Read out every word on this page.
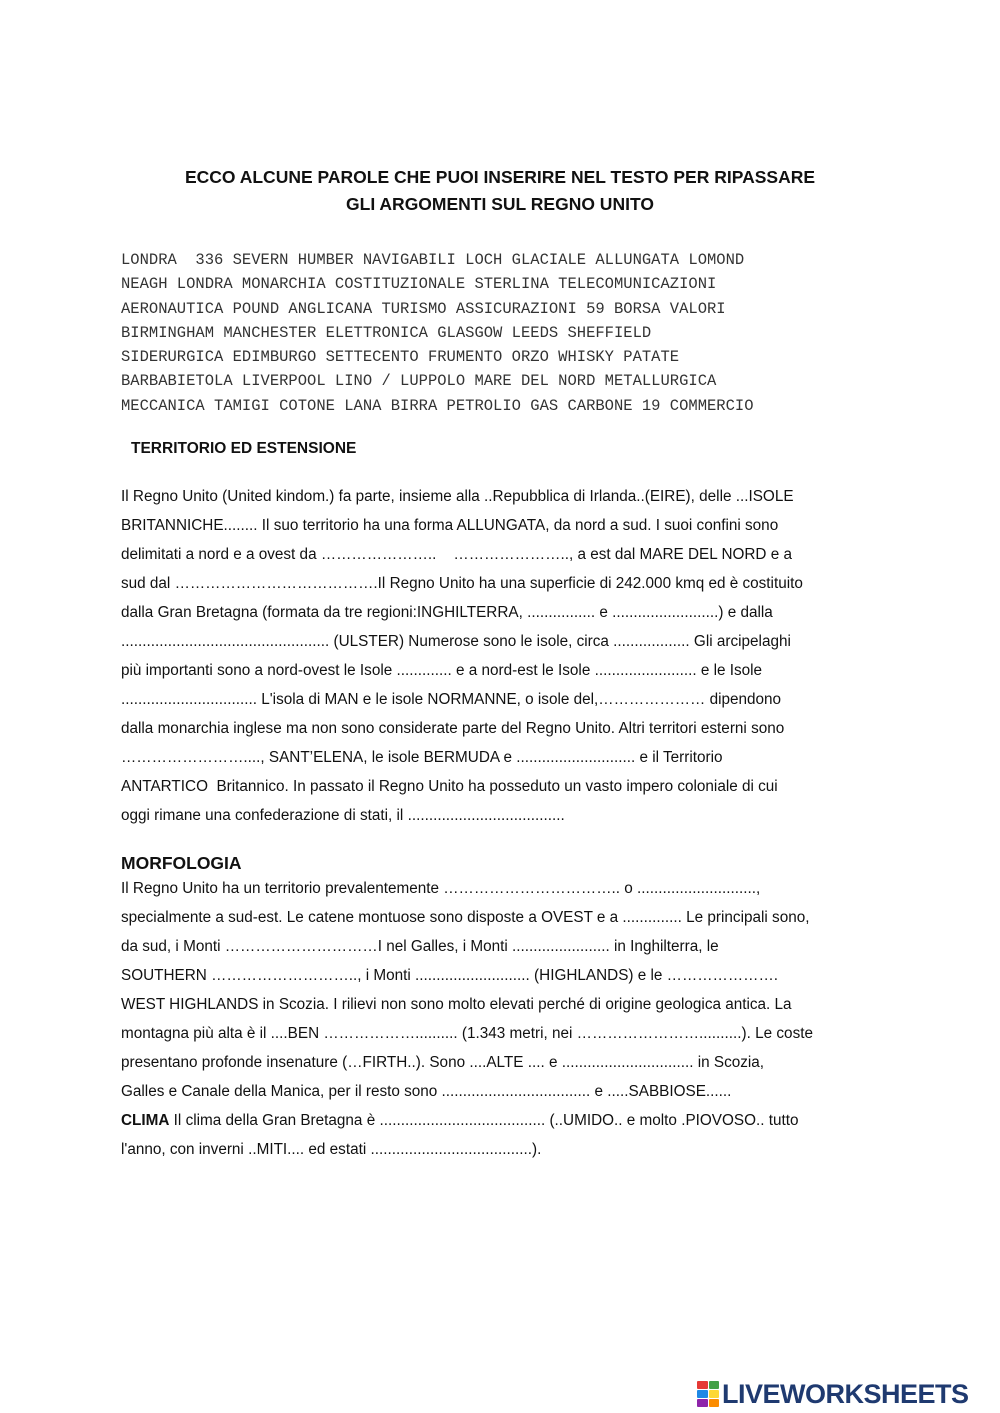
ECCO ALCUNE PAROLE CHE PUOI INSERIRE NEL TESTO PER RIPASSARE
GLI ARGOMENTI SUL REGNO UNITO
LONDRA  336 SEVERN HUMBER NAVIGABILI LOCH GLACIALE ALLUNGATA LOMOND
NEAGH LONDRA MONARCHIA COSTITUZIONALE STERLINA TELECOMUNICAZIONI
AERONAUTICA POUND ANGLICANA TURISMO ASSICURAZIONI 59 BORSA VALORI
BIRMINGHAM MANCHESTER ELETTRONICA GLASGOW LEEDS SHEFFIELD
SIDERURGICA EDIMBURGO SETTECENTO FRUMENTO ORZO WHISKY PATATE
BARBABIETOLA LIVERPOOL LINO / LUPPOLO MARE DEL NORD METALLURGICA
MECCANICA TAMIGI COTONE LANA BIRRA PETROLIO GAS CARBONE 19 COMMERCIO
TERRITORIO ED ESTENSIONE
Il Regno Unito (United kindom.) fa parte, insieme alla ..Repubblica di Irlanda..(EIRE), delle ...ISOLE
BRITANNICHE........ Il suo territorio ha una forma ALLUNGATA, da nord a sud. I suoi confini sono
delimitati a nord e a ovest da …………………..    ………………….., a est dal MARE DEL NORD e a
sud dal ………………………………….Il Regno Unito ha una superficie di 242.000 kmq ed è costituito
dalla Gran Bretagna (formata da tre regioni:INGHILTERRA, ................ e .........................) e dalla
................................................. (ULSTER) Numerose sono le isole, circa .................. Gli arcipelaghi
più importanti sono a nord-ovest le Isole ............. e a nord-est le Isole ........................ e le Isole
................................ L'isola di MAN e le isole NORMANNE, o isole del,………………… dipendono
dalla monarchia inglese ma non sono considerate parte del Regno Unito. Altri territori esterni sono
……………………...., SANT’ELENA, le isole BERMUDA e ............................ e il Territorio
ANTARTICO  Britannico. In passato il Regno Unito ha posseduto un vasto impero coloniale di cui
oggi rimane una confederazione di stati, il .....................................
MORFOLOGIA
Il Regno Unito ha un territorio prevalentemente …………………………….. o ............................,
specialmente a sud-est. Le catene montuose sono disposte a OVEST e a .............. Le principali sono,
da sud, i Monti …………………………I nel Galles, i Monti ....................... in Inghilterra, le
SOUTHERN ……………………….., i Monti ........................... (HIGHLANDS) e le ………………….
WEST HIGHLANDS in Scozia. I rilievi non sono molto elevati perché di origine geologica antica. La
montagna più alta è il ....BEN ……………….......... (1.343 metri, nei ……………………..........). Le coste
presentano profonde insenature (…FIRTH..). Sono ....ALTE .... e ............................... in Scozia,
Galles e Canale della Manica, per il resto sono ................................... e .....SABBIOSE......
CLIMA Il clima della Gran Bretagna è ....................................... (..UMIDO.. e molto .PIOVOSO.. tutto
l'anno, con inverni ..MITI.... ed estati ......................................).
LIVEWORKSHEETS
